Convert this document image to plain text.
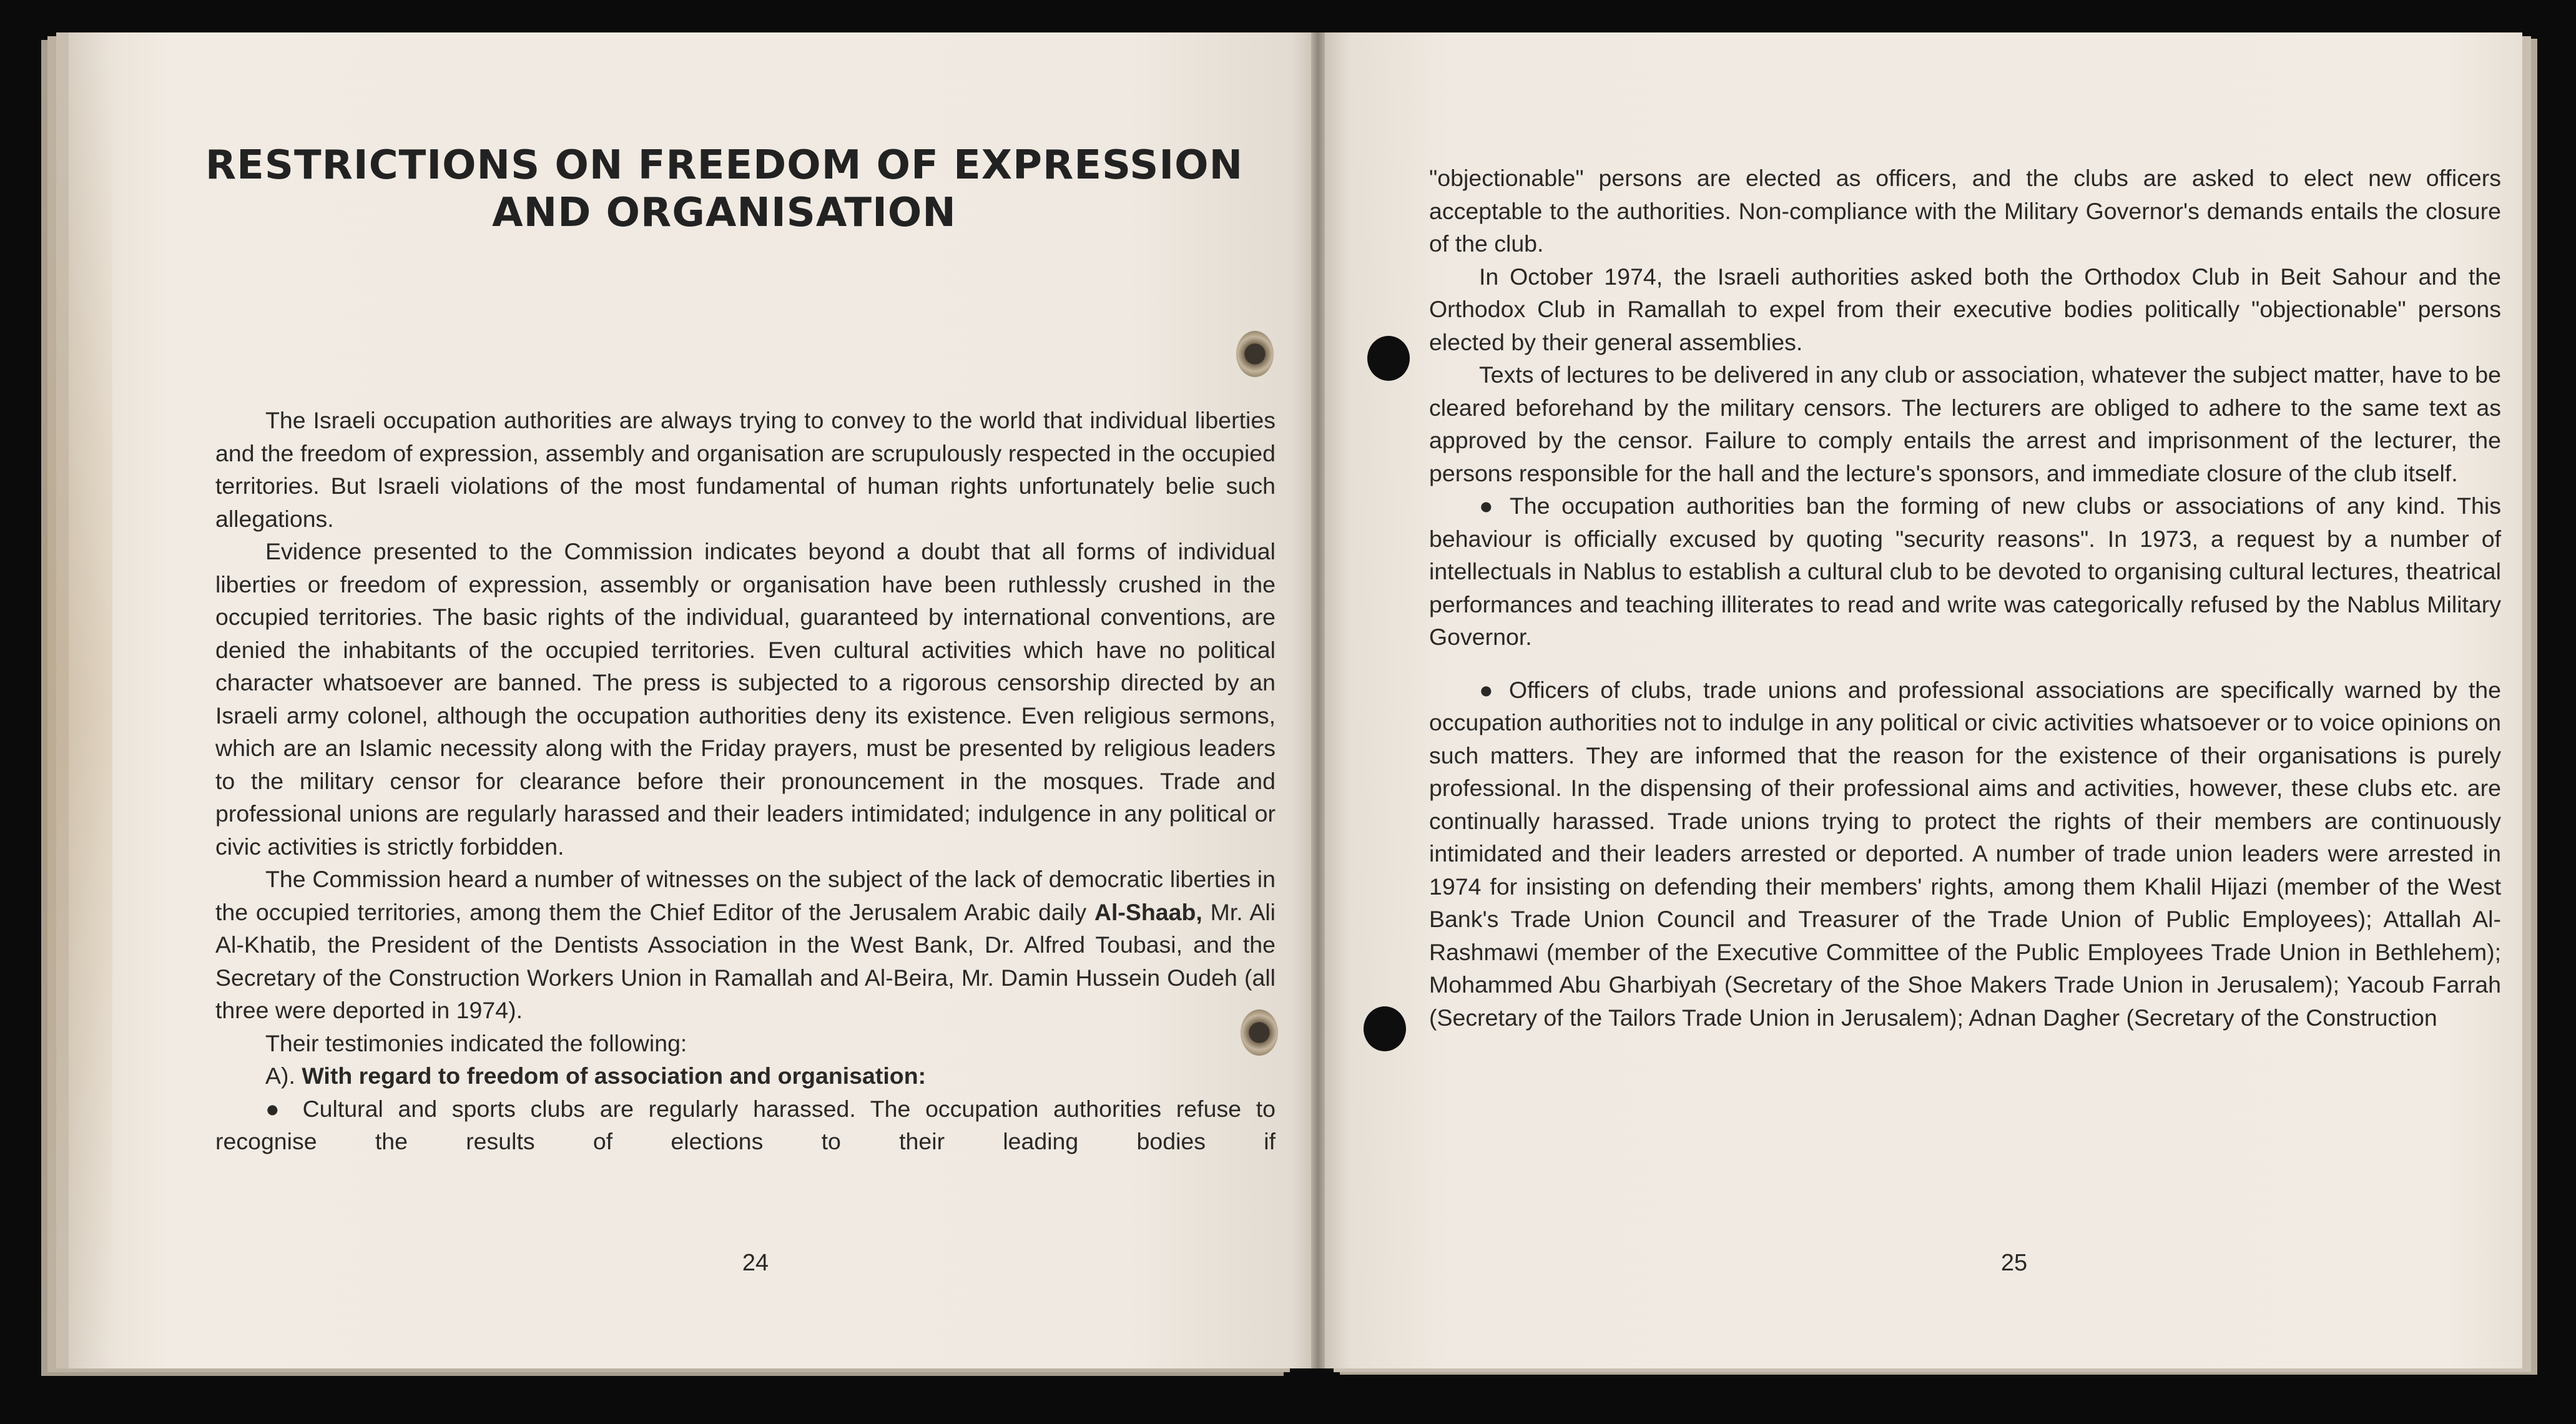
RESTRICTIONS ON FREEDOM OF EXPRESSION
AND ORGANISATION

The Israeli occupation authorities are always trying to convey to the world that individual liberties and the freedom of expression, assembly and organisation are scrupulously respected in the occupied territories. But Israeli violations of the most fundamental of human rights unfortunately belie such allegations.

Evidence presented to the Commission indicates beyond a doubt that all forms of individual liberties or freedom of expression, assembly or organisation have been ruthlessly crushed in the occupied territories. The basic rights of the individual, guaranteed by international conventions, are denied the inhabitants of the occupied territories. Even cultural activities which have no political character whatsoever are banned. The press is subjected to a rigorous censorship directed by an Israeli army colonel, although the occupation authorities deny its existence. Even religious sermons, which are an Islamic necessity along with the Friday prayers, must be presented by religious leaders to the military censor for clearance before their pronouncement in the mosques. Trade and professional unions are regularly harassed and their leaders intimidated; indulgence in any political or civic activities is strictly forbidden.

The Commission heard a number of witnesses on the subject of the lack of democratic liberties in the occupied territories, among them the Chief Editor of the Jerusalem Arabic daily Al-Shaab, Mr. Ali Al-Khatib, the President of the Dentists Association in the West Bank, Dr. Alfred Toubasi, and the Secretary of the Construction Workers Union in Ramallah and Al-Beira, Mr. Damin Hussein Oudeh (all three were deported in 1974).

Their testimonies indicated the following:

A). With regard to freedom of association and organisation:

● Cultural and sports clubs are regularly harassed. The occupation authorities refuse to recognise the results of elections to their leading bodies if

24

"objectionable" persons are elected as officers, and the clubs are asked to elect new officers acceptable to the authorities. Non-compliance with the Military Governor's demands entails the closure of the club.

In October 1974, the Israeli authorities asked both the Orthodox Club in Beit Sahour and the Orthodox Club in Ramallah to expel from their executive bodies politically "objectionable" persons elected by their general assemblies.

Texts of lectures to be delivered in any club or association, whatever the subject matter, have to be cleared beforehand by the military censors. The lecturers are obliged to adhere to the same text as approved by the censor. Failure to comply entails the arrest and imprisonment of the lecturer, the persons responsible for the hall and the lecture's sponsors, and immediate closure of the club itself.

● The occupation authorities ban the forming of new clubs or associations of any kind. This behaviour is officially excused by quoting "security reasons". In 1973, a request by a number of intellectuals in Nablus to establish a cultural club to be devoted to organising cultural lectures, theatrical performances and teaching illiterates to read and write was categorically refused by the Nablus Military Governor.

● Officers of clubs, trade unions and professional associations are specifically warned by the occupation authorities not to indulge in any political or civic activities whatsoever or to voice opinions on such matters. They are informed that the reason for the existence of their organisations is purely professional. In the dispensing of their professional aims and activities, however, these clubs etc. are continually harassed. Trade unions trying to protect the rights of their members are continuously intimidated and their leaders arrested or deported. A number of trade union leaders were arrested in 1974 for insisting on defending their members' rights, among them Khalil Hijazi (member of the West Bank's Trade Union Council and Treasurer of the Trade Union of Public Employees); Attallah Al-Rashmawi (member of the Executive Committee of the Public Employees Trade Union in Bethlehem); Mohammed Abu Gharbiyah (Secretary of the Shoe Makers Trade Union in Jerusalem); Yacoub Farrah (Secretary of the Tailors Trade Union in Jerusalem); Adnan Dagher (Secretary of the Construction

25
